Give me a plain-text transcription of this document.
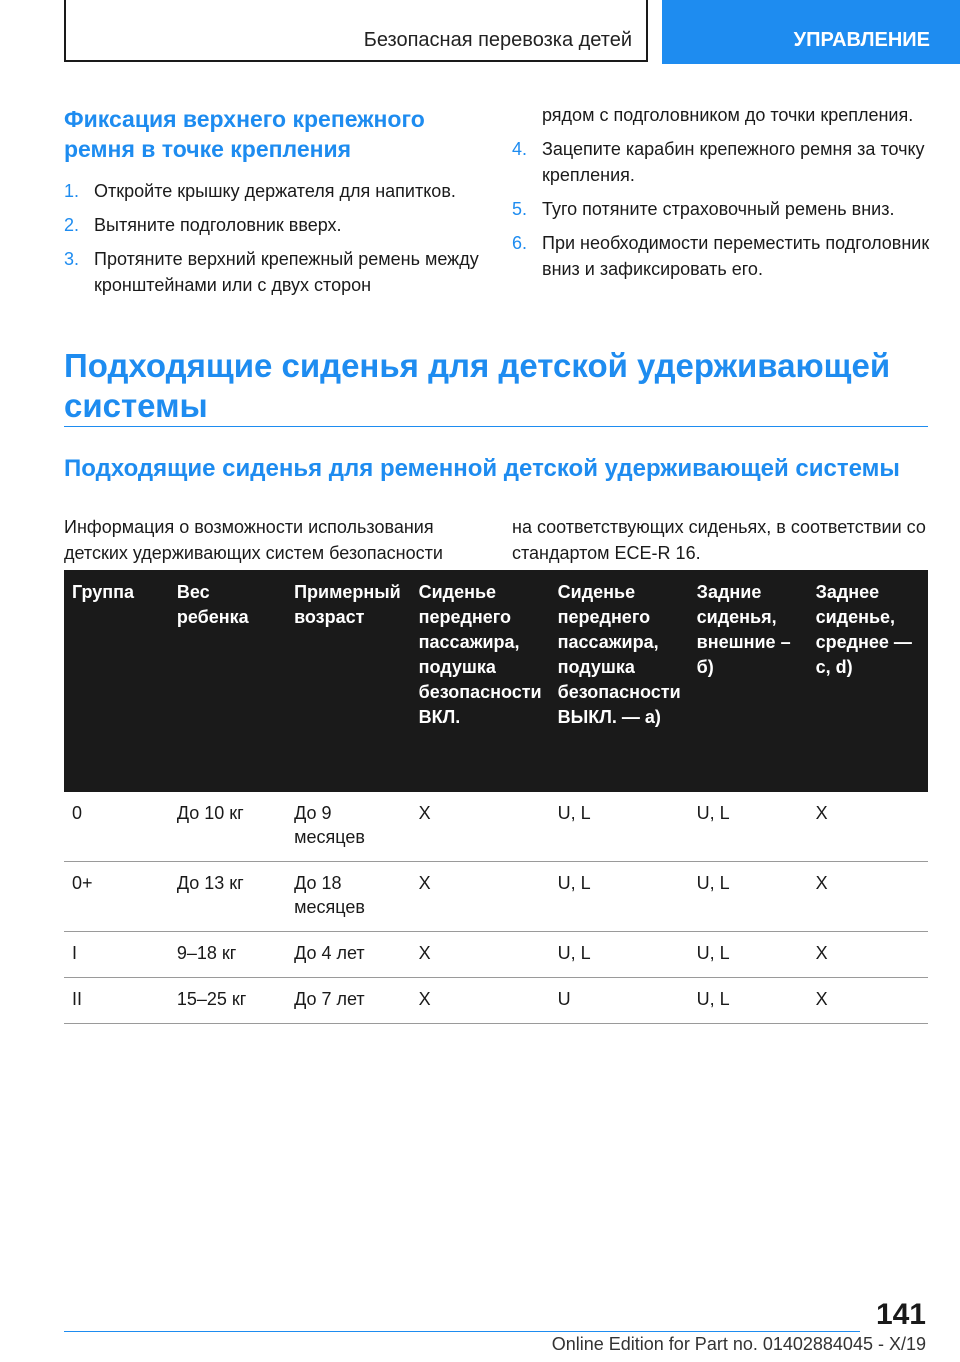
Безопасная перевозка детей	УПРАВЛЕНИЕ
Фиксация верхнего крепежного ремня в точке крепления
1. Откройте крышку держателя для напитков.
2. Вытяните подголовник вверх.
3. Протяните верхний крепежный ремень между кронштейнами или с двух сторон

рядом с подголовником до точки крепления.

4. Зацепите карабин крепежного ремня за точку крепления.
5. Туго потяните страховочный ремень вниз.
6. При необходимости переместить подголовник вниз и зафиксировать его.
Подходящие сиденья для детской удерживающей системы
Подходящие сиденья для ременной детской удерживающей системы

Информация о возможности использования детских удерживающих систем безопасности

на соответствующих сиденьях, в соответствии со стандартом ECE-R 16.

Группа	Вес ребенка	Примерный возраст	Сиденье переднего пассажира, подушка безопасности ВКЛ.	Сиденье переднего пассажира, подушка безопасности ВЫКЛ. — a)	Задние сиденья, внешние – б)	Заднее сиденье, среднее — c, d)
0	До 10 кг	До 9 месяцев	X	U, L	U, L	X
0+	До 13 кг	До 18 месяцев	X	U, L	U, L	X
I	9–18 кг	До 4 лет	X	U, L	U, L	X
II	15–25 кг	До 7 лет	X	U	U, L	X
141
Online Edition for Part no. 01402884045 - X/19
